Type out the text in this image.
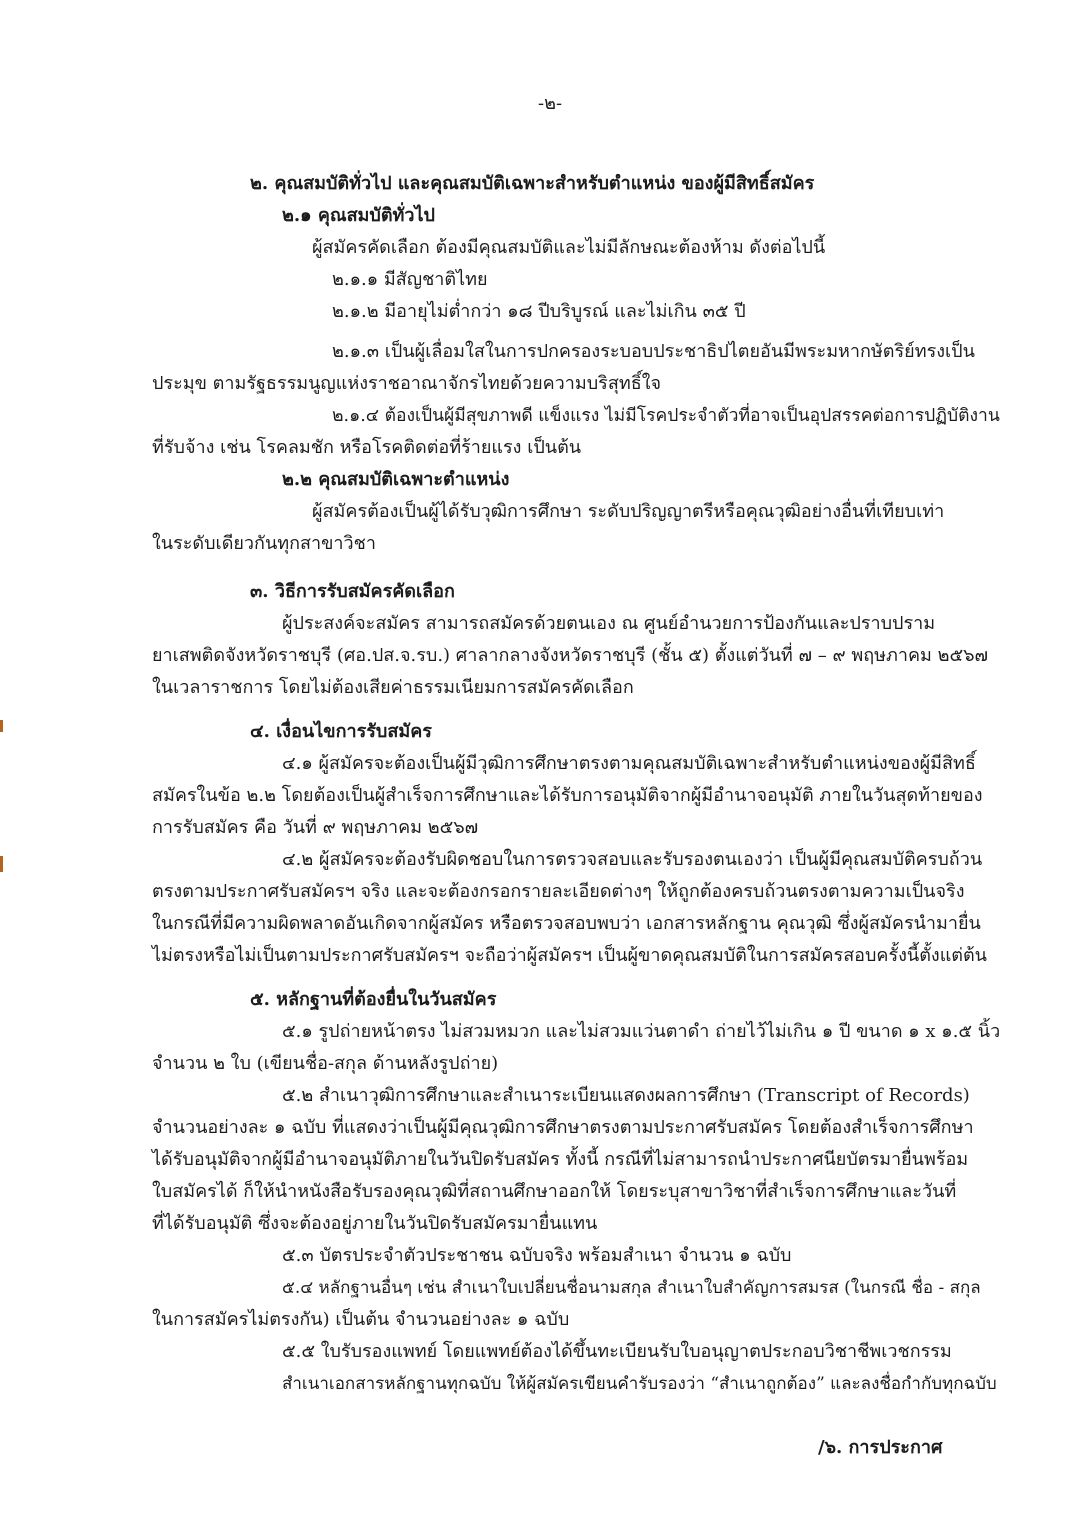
-๒-
๒. คุณสมบัติทั่วไป และคุณสมบัติเฉพาะสำหรับตำแหน่ง ของผู้มีสิทธิ์สมัคร
๒.๑ คุณสมบัติทั่วไป
ผู้สมัครคัดเลือก ต้องมีคุณสมบัติและไม่มีลักษณะต้องห้าม ดังต่อไปนี้
๒.๑.๑ มีสัญชาติไทย
๒.๑.๒ มีอายุไม่ต่ำกว่า ๑๘ ปีบริบูรณ์ และไม่เกิน ๓๕ ปี
๒.๑.๓ เป็นผู้เลื่อมใสในการปกครองระบอบประชาธิปไตยอันมีพระมหากษัตริย์ทรงเป็น
ประมุข ตามรัฐธรรมนูญแห่งราชอาณาจักรไทยด้วยความบริสุทธิ์ใจ
๒.๑.๔ ต้องเป็นผู้มีสุขภาพดี แข็งแรง ไม่มีโรคประจำตัวที่อาจเป็นอุปสรรคต่อการปฏิบัติงาน
ที่รับจ้าง เช่น โรคลมชัก หรือโรคติดต่อที่ร้ายแรง เป็นต้น
๒.๒ คุณสมบัติเฉพาะตำแหน่ง
ผู้สมัครต้องเป็นผู้ได้รับวุฒิการศึกษา ระดับปริญญาตรีหรือคุณวุฒิอย่างอื่นที่เทียบเท่า
ในระดับเดียวกันทุกสาขาวิชา
๓. วิธีการรับสมัครคัดเลือก
ผู้ประสงค์จะสมัคร สามารถสมัครด้วยตนเอง ณ ศูนย์อำนวยการป้องกันและปราบปราม
ยาเสพติดจังหวัดราชบุรี (ศอ.ปส.จ.รบ.) ศาลากลางจังหวัดราชบุรี (ชั้น ๕) ตั้งแต่วันที่ ๗ – ๙ พฤษภาคม ๒๕๖๗
ในเวลาราชการ โดยไม่ต้องเสียค่าธรรมเนียมการสมัครคัดเลือก
๔. เงื่อนไขการรับสมัคร
๔.๑ ผู้สมัครจะต้องเป็นผู้มีวุฒิการศึกษาตรงตามคุณสมบัติเฉพาะสำหรับตำแหน่งของผู้มีสิทธิ์
สมัครในข้อ ๒.๒ โดยต้องเป็นผู้สำเร็จการศึกษาและได้รับการอนุมัติจากผู้มีอำนาจอนุมัติ ภายในวันสุดท้ายของ
การรับสมัคร คือ วันที่ ๙ พฤษภาคม ๒๕๖๗
๔.๒ ผู้สมัครจะต้องรับผิดชอบในการตรวจสอบและรับรองตนเองว่า เป็นผู้มีคุณสมบัติครบถ้วน
ตรงตามประกาศรับสมัครฯ จริง และจะต้องกรอกรายละเอียดต่างๆ ให้ถูกต้องครบถ้วนตรงตามความเป็นจริง
ในกรณีที่มีความผิดพลาดอันเกิดจากผู้สมัคร หรือตรวจสอบพบว่า เอกสารหลักฐาน คุณวุฒิ ซึ่งผู้สมัครนำมายื่น
ไม่ตรงหรือไม่เป็นตามประกาศรับสมัครฯ จะถือว่าผู้สมัครฯ เป็นผู้ขาดคุณสมบัติในการสมัครสอบครั้งนี้ตั้งแต่ต้น
๕. หลักฐานที่ต้องยื่นในวันสมัคร
๕.๑ รูปถ่ายหน้าตรง ไม่สวมหมวก และไม่สวมแว่นตาดำ ถ่ายไว้ไม่เกิน ๑ ปี ขนาด ๑ x ๑.๕ นิ้ว
จำนวน ๒ ใบ (เขียนชื่อ-สกุล ด้านหลังรูปถ่าย)
๕.๒ สำเนาวุฒิการศึกษาและสำเนาระเบียนแสดงผลการศึกษา (Transcript of Records)
จำนวนอย่างละ ๑ ฉบับ ที่แสดงว่าเป็นผู้มีคุณวุฒิการศึกษาตรงตามประกาศรับสมัคร โดยต้องสำเร็จการศึกษา
ได้รับอนุมัติจากผู้มีอำนาจอนุมัติภายในวันปิดรับสมัคร ทั้งนี้ กรณีที่ไม่สามารถนำประกาศนียบัตรมายื่นพร้อม
ใบสมัครได้ ก็ให้นำหนังสือรับรองคุณวุฒิที่สถานศึกษาออกให้ โดยระบุสาขาวิชาที่สำเร็จการศึกษาและวันที่
ที่ได้รับอนุมัติ ซึ่งจะต้องอยู่ภายในวันปิดรับสมัครมายื่นแทน
๕.๓ บัตรประจำตัวประชาชน ฉบับจริง พร้อมสำเนา จำนวน ๑ ฉบับ
๕.๔ หลักฐานอื่นๆ เช่น สำเนาใบเปลี่ยนชื่อนามสกุล สำเนาใบสำคัญการสมรส (ในกรณี ชื่อ - สกุล
ในการสมัครไม่ตรงกัน) เป็นต้น จำนวนอย่างละ ๑ ฉบับ
๕.๕ ใบรับรองแพทย์ โดยแพทย์ต้องได้ขึ้นทะเบียนรับใบอนุญาตประกอบวิชาชีพเวชกรรม
สำเนาเอกสารหลักฐานทุกฉบับ ให้ผู้สมัครเขียนคำรับรองว่า “สำเนาถูกต้อง” และลงชื่อกำกับทุกฉบับ
/๖. การประกาศ
